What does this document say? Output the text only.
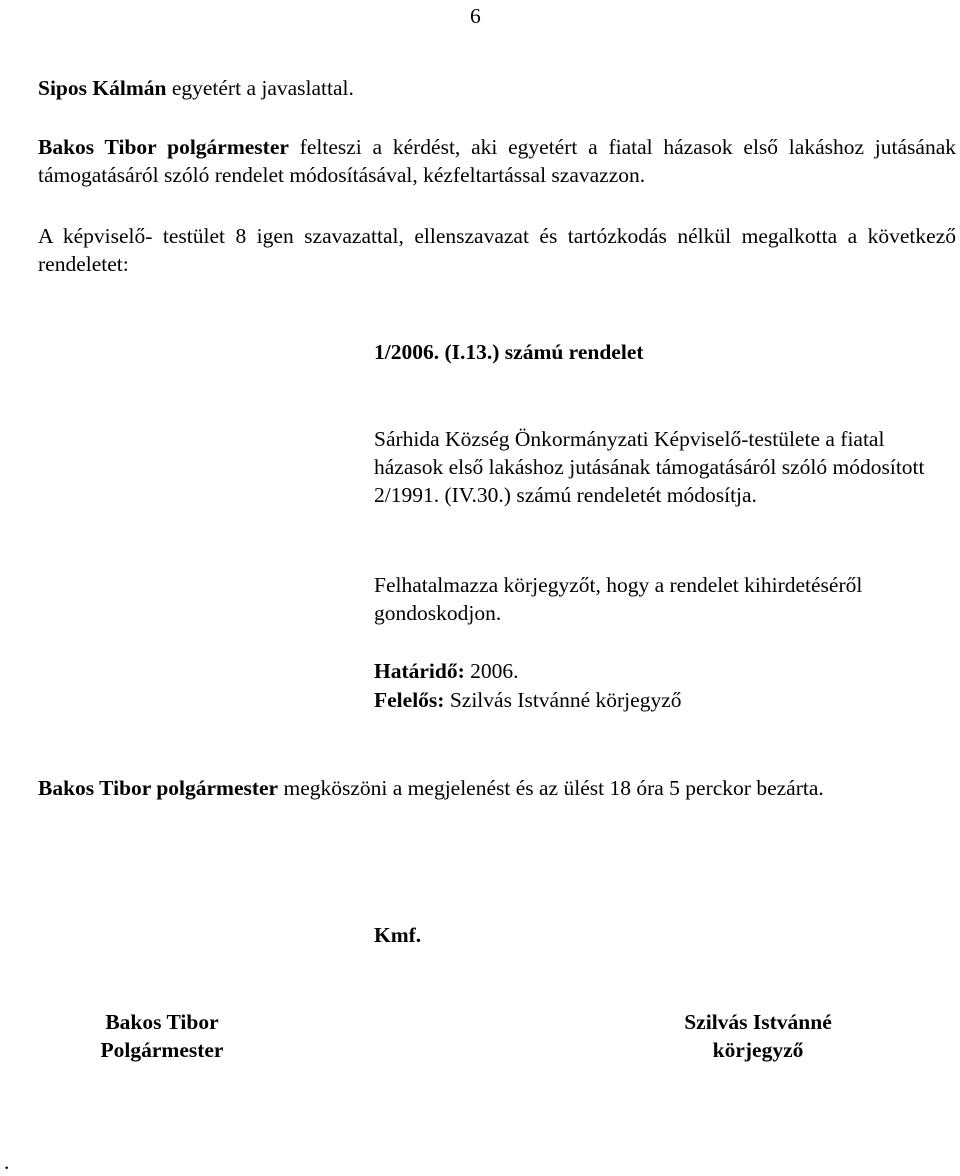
6

Sipos Kálmán egyetért a javaslattal.

Bakos Tibor polgármester felteszi a kérdést, aki egyetért a fiatal házasok első lakáshoz jutásának támogatásáról szóló rendelet módosításával, kézfeltartással szavazzon.

A képviselő- testület 8 igen szavazattal, ellenszavazat és tartózkodás nélkül megalkotta a következő rendeletet:

1/2006. (I.13.) számú rendelet

Sárhida Község Önkormányzati Képviselő-testülete a fiatal házasok első lakáshoz jutásának támogatásáról szóló módosított 2/1991. (IV.30.) számú rendeletét módosítja.

Felhatalmazza körjegyzőt, hogy a rendelet kihirdetéséről gondoskodjon.

Határidő: 2006.

Felelős: Szilvás Istvánné körjegyző

Bakos Tibor polgármester megköszöni a megjelenést és az ülést 18 óra 5 perckor bezárta.

Kmf.

Bakos Tibor
Polgármester
Szilvás Istvánné
körjegyző
.
